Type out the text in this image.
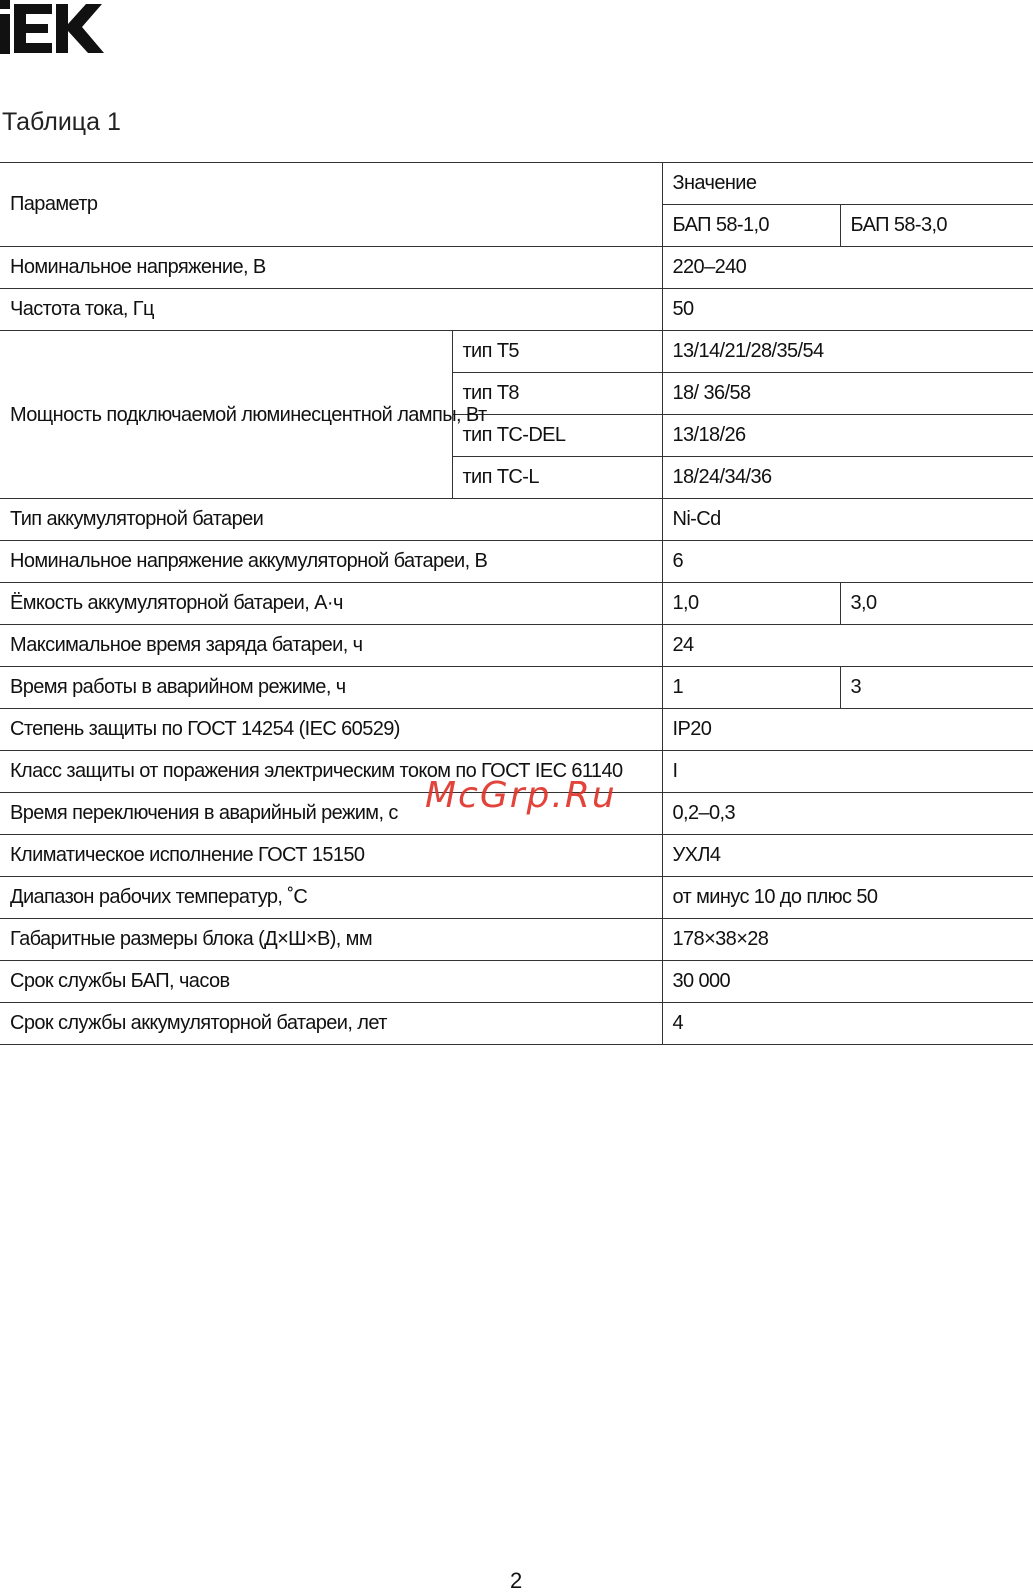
Таблица 1
Параметр		Значение	
		БАП 58-1,0	БАП 58-3,0
Номинальное напряжение, В		220–240	
Частота тока, Гц		50	
Мощность подключаемой люминесцентной лампы, Вт	тип T5	13/14/21/28/35/54	
	тип T8	18/ 36/58	
	тип TC-DEL	13/18/26	
	тип TC-L	18/24/34/36	
Тип аккумуляторной батареи		Ni-Cd	
Номинальное напряжение аккумуляторной батареи, В		6	
Ёмкость аккумуляторной батареи, А·ч		1,0	3,0
Максимальное время заряда батареи, ч		24	
Время работы в аварийном режиме, ч		1	3
Степень защиты по ГОСТ 14254 (IEC 60529)		IP20	
Класс защиты от поражения электрическим током по ГОСТ IEC 61140		I	
Время переключения в аварийный режим, с		0,2–0,3	
Климатическое исполнение ГОСТ 15150		УХЛ4	
Диапазон рабочих температур, ˚С		от минус 10 до плюс 50	
Габаритные размеры блока (Д×Ш×В), мм		178×38×28	
Срок службы БАП, часов		30 000	
Срок службы аккумуляторной батареи, лет		4	
McGrp.Ru
2
